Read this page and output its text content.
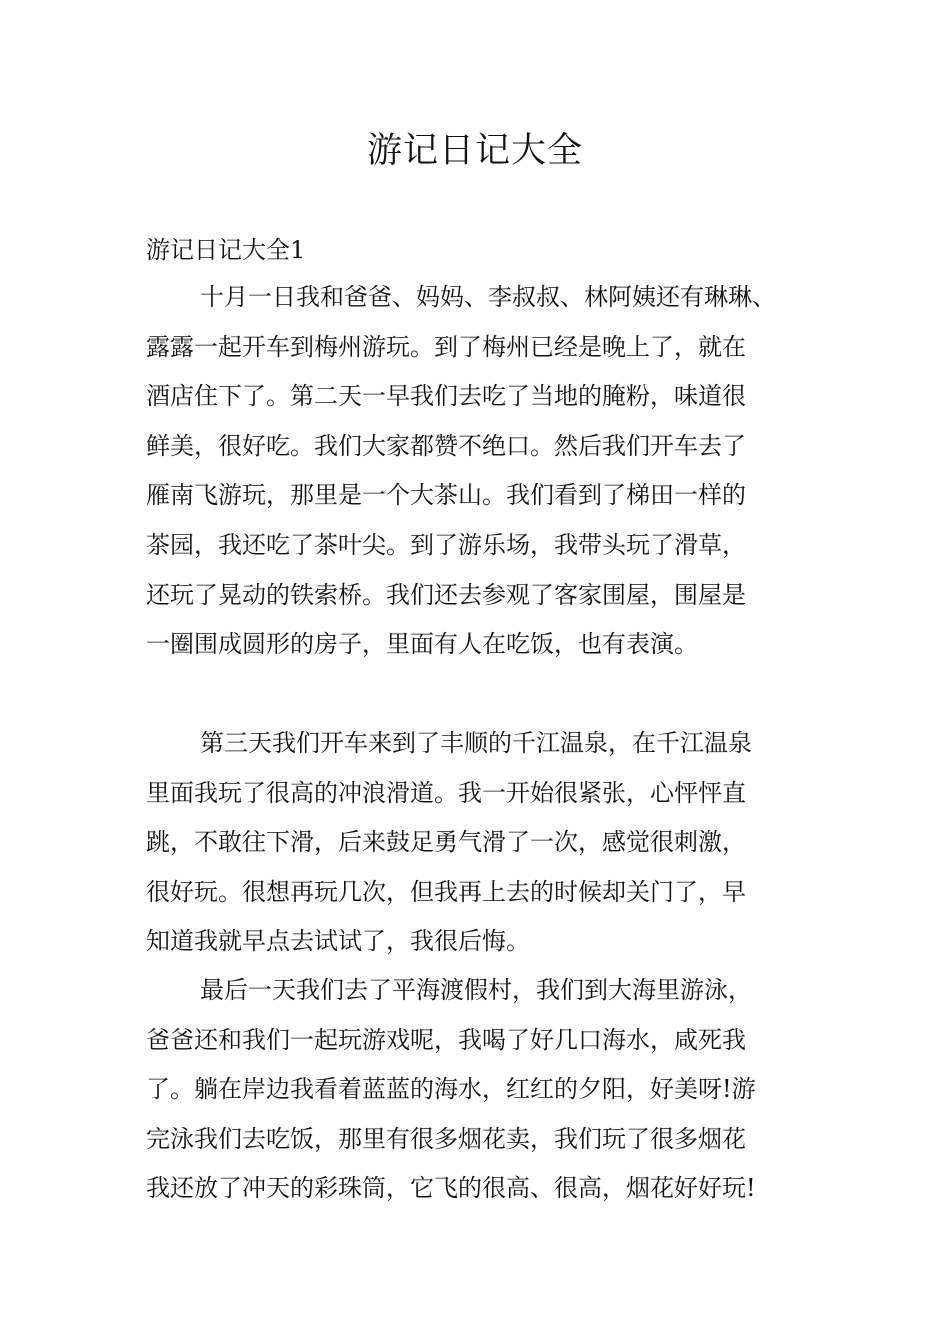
游记日记大全
游记日记大全1
十月一日我和爸爸、妈妈、李叔叔、林阿姨还有琳琳、
露露一起开车到梅州游玩。到了梅州已经是晚上了，就在
酒店住下了。第二天一早我们去吃了当地的腌粉，味道很
鲜美，很好吃。我们大家都赞不绝口。然后我们开车去了
雁南飞游玩，那里是一个大茶山。我们看到了梯田一样的
茶园，我还吃了茶叶尖。到了游乐场，我带头玩了滑草，
还玩了晃动的铁索桥。我们还去参观了客家围屋，围屋是
一圈围成圆形的房子，里面有人在吃饭，也有表演。
第三天我们开车来到了丰顺的千江温泉，在千江温泉
里面我玩了很高的冲浪滑道。我一开始很紧张，心怦怦直
跳，不敢往下滑，后来鼓足勇气滑了一次，感觉很刺激，
很好玩。很想再玩几次，但我再上去的时候却关门了，早
知道我就早点去试试了，我很后悔。
最后一天我们去了平海渡假村，我们到大海里游泳，
爸爸还和我们一起玩游戏呢，我喝了好几口海水，咸死我
了。躺在岸边我看着蓝蓝的海水，红红的夕阳，好美呀!游
完泳我们去吃饭，那里有很多烟花卖，我们玩了很多烟花
我还放了冲天的彩珠筒，它飞的很高、很高，烟花好好玩!
